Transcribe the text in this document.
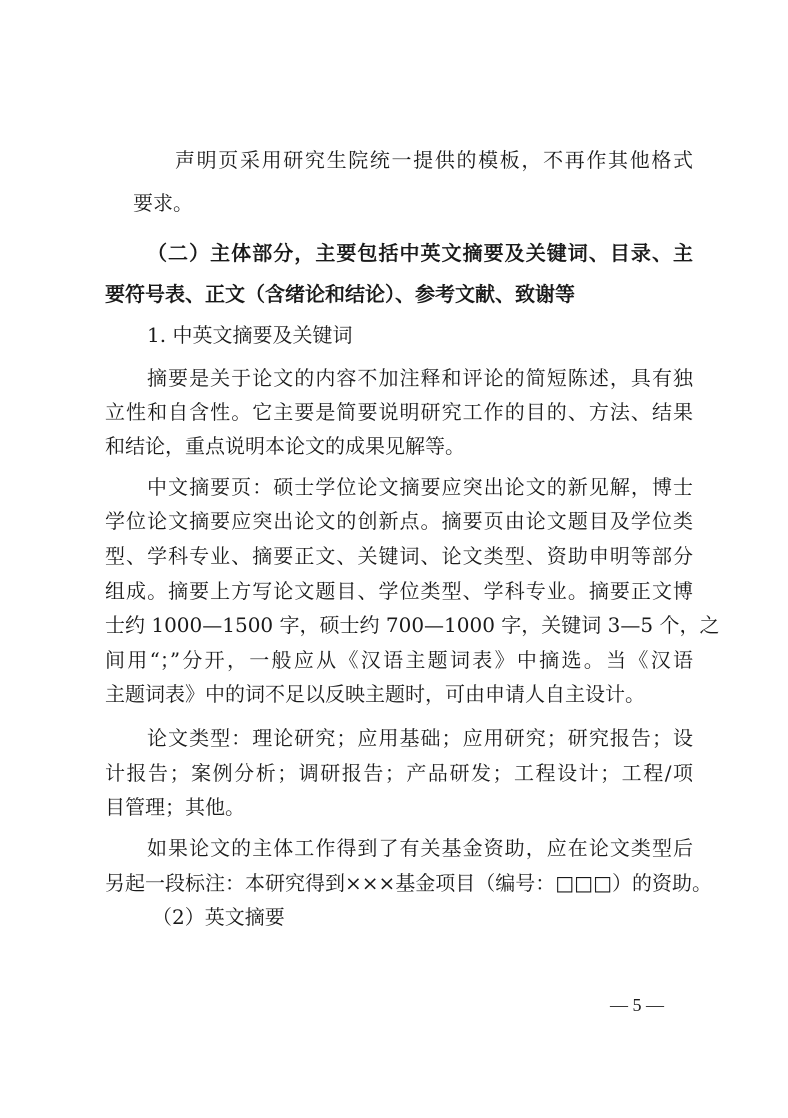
声明页采用研究生院统一提供的模板，不再作其他格式
要求。
（二）主体部分，主要包括中英文摘要及关键词、目录、主
要符号表、正文（含绪论和结论）、参考文献、致谢等
1. 中英文摘要及关键词
摘要是关于论文的内容不加注释和评论的简短陈述，具有独
立性和自含性。它主要是简要说明研究工作的目的、方法、结果
和结论，重点说明本论文的成果见解等。
中文摘要页：硕士学位论文摘要应突出论文的新见解，博士
学位论文摘要应突出论文的创新点。摘要页由论文题目及学位类
型、学科专业、摘要正文、关键词、论文类型、资助申明等部分
组成。摘要上方写论文题目、学位类型、学科专业。摘要正文博
士约 1000—1500 字，硕士约 700—1000 字，关键词 3—5 个，之
间用“；”分开，一般应从《汉语主题词表》中摘选。当《汉语
主题词表》中的词不足以反映主题时，可由申请人自主设计。
论文类型：理论研究；应用基础；应用研究；研究报告；设
计报告；案例分析；调研报告；产品研发；工程设计；工程/项
目管理；其他。
如果论文的主体工作得到了有关基金资助，应在论文类型后
另起一段标注：本研究得到×××基金项目（编号：□□□）的资助。
（2）英文摘要
— 5 —
